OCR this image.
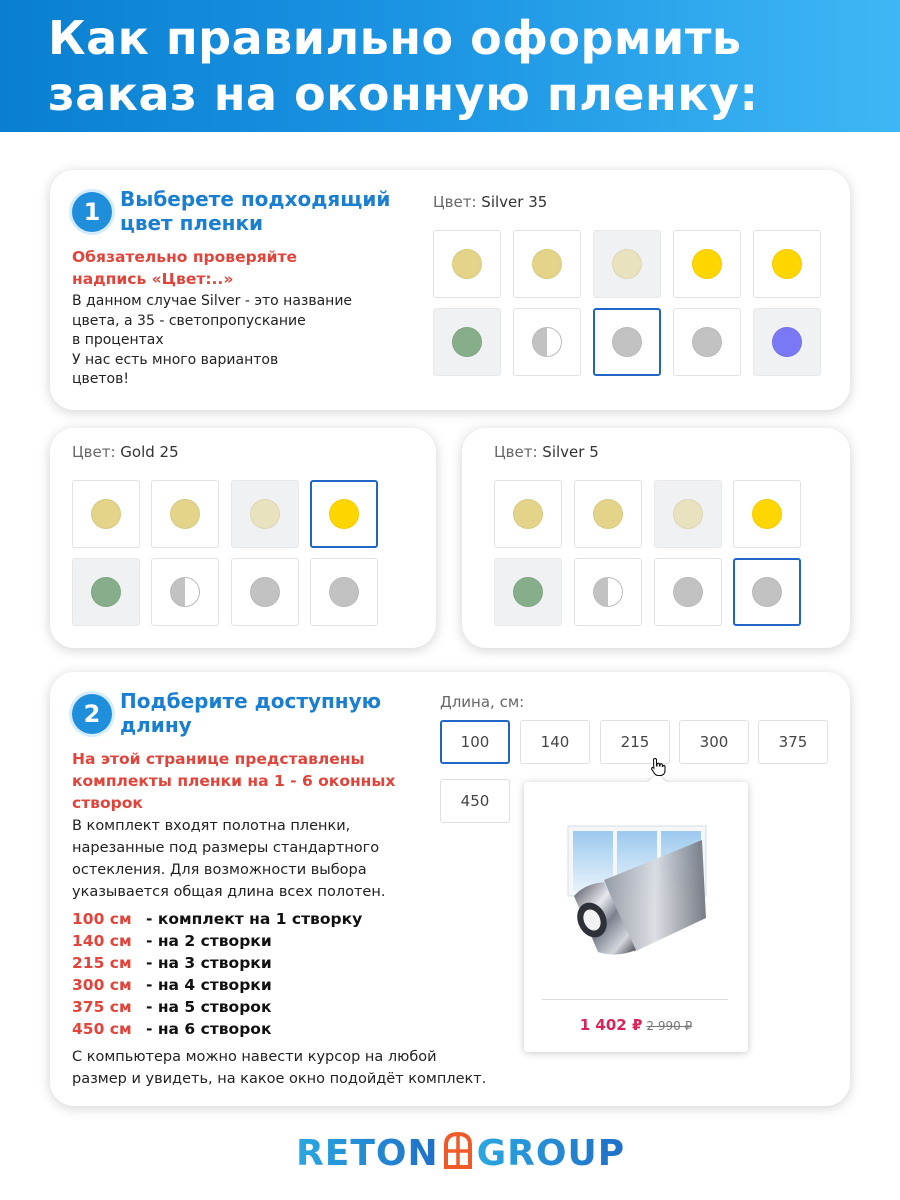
Как правильно оформить
заказ на оконную пленку:
1 Выберете подходящий
цвет пленки
Обязательно проверяйте
надпись «Цвет:..»
В данном случае Silver - это название
цвета, а 35 - светопропускание
в процентах
У нас есть много вариантов
цветов!
Цвет: Silver 35
Цвет: Gold 25	Цвет: Silver 5
2 Подберите доступную
длину
На этой странице представлены
комплекты пленки на 1 - 6 оконных
створок
В комплект входят полотна пленки,
нарезанные под размеры стандартного
остекления. Для возможности выбора
указывается общая длина всех полотен.
100 см - комплект на 1 створку
140 см - на 2 створки
215 см - на 3 створки
300 см - на 4 створки
375 см - на 5 створок
450 см - на 6 створок
С компьютера можно навести курсор на любой
размер и увидеть, на какое окно подойдёт комплект.
Длина, см:
100	140	215	300	375
450
1 402 ₽ 2 990 ₽
RETON GROUP
